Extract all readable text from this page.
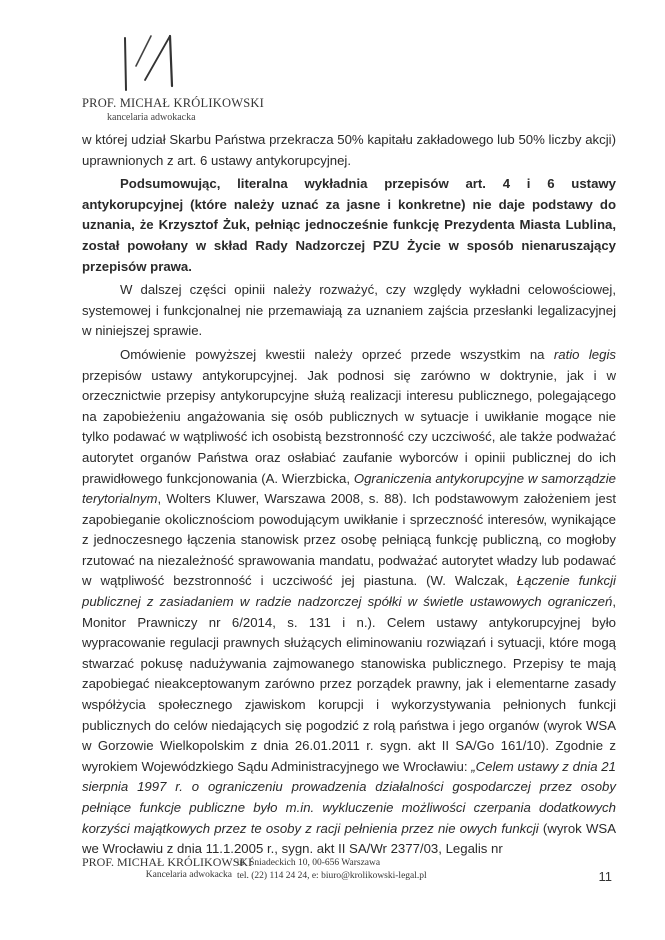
PROF. MICHAŁ KRÓLIKOWSKI
kancelaria adwokacka

w której udział Skarbu Państwa przekracza 50% kapitału zakładowego lub 50% liczby akcji) uprawnionych z art. 6 ustawy antykorupcyjnej.

Podsumowując, literalna wykładnia przepisów art. 4 i 6 ustawy antykorupcyjnej (które należy uznać za jasne i konkretne) nie daje podstawy do uznania, że Krzysztof Żuk, pełniąc jednocześnie funkcję Prezydenta Miasta Lublina, został powołany w skład Rady Nadzorczej PZU Życie w sposób nienaruszający przepisów prawa.

W dalszej części opinii należy rozważyć, czy względy wykładni celowościowej, systemowej i funkcjonalnej nie przemawiają za uznaniem zajścia przesłanki legalizacyjnej w niniejszej sprawie.

Omówienie powyższej kwestii należy oprzeć przede wszystkim na ratio legis przepisów ustawy antykorupcyjnej. Jak podnosi się zarówno w doktrynie, jak i w orzecznictwie przepisy antykorupcyjne służą realizacji interesu publicznego, polegającego na zapobieżeniu angażowania się osób publicznych w sytuacje i uwikłanie mogące nie tylko podawać w wątpliwość ich osobistą bezstronność czy uczciwość, ale także podważać autorytet organów Państwa oraz osłabiać zaufanie wyborców i opinii publicznej do ich prawidłowego funkcjonowania (A. Wierzbicka, Ograniczenia antykorupcyjne w samorządzie terytorialnym, Wolters Kluwer, Warszawa 2008, s. 88). Ich podstawowym założeniem jest zapobieganie okolicznościom powodującym uwikłanie i sprzeczność interesów, wynikające z jednoczesnego łączenia stanowisk przez osobę pełniącą funkcję publiczną, co mogłoby rzutować na niezależność sprawowania mandatu, podważać autorytet władzy lub podawać w wątpliwość bezstronność i uczciwość jej piastuna. (W. Walczak, Łączenie funkcji publicznej z zasiadaniem w radzie nadzorczej spółki w świetle ustawowych ograniczeń, Monitor Prawniczy nr 6/2014, s. 131 i n.). Celem ustawy antykorupcyjnej było wypracowanie regulacji prawnych służących eliminowaniu rozwiązań i sytuacji, które mogą stwarzać pokusę nadużywania zajmowanego stanowiska publicznego. Przepisy te mają zapobiegać nieakceptowanym zarówno przez porządek prawny, jak i elementarne zasady współżycia społecznego zjawiskom korupcji i wykorzystywania pełnionych funkcji publicznych do celów niedających się pogodzić z rolą państwa i jego organów (wyrok WSA w Gorzowie Wielkopolskim z dnia 26.01.2011 r. sygn. akt II SA/Go 161/10). Zgodnie z wyrokiem Wojewódzkiego Sądu Administracyjnego we Wrocławiu: „Celem ustawy z dnia 21 sierpnia 1997 r. o ograniczeniu prowadzenia działalności gospodarczej przez osoby pełniące funkcje publiczne było m.in. wykluczenie możliwości czerpania dodatkowych korzyści majątkowych przez te osoby z racji pełnienia przez nie owych funkcji (wyrok WSA we Wrocławiu z dnia 11.1.2005 r., sygn. akt II SA/Wr 2377/03, Legalis nr

PROF. MICHAŁ KRÓLIKOWSKI
Kancelaria adwokacka
ul. Śniadeckich 10, 00-656 Warszawa
tel. (22) 114 24 24, e: biuro@krolikowski-legal.pl	11
